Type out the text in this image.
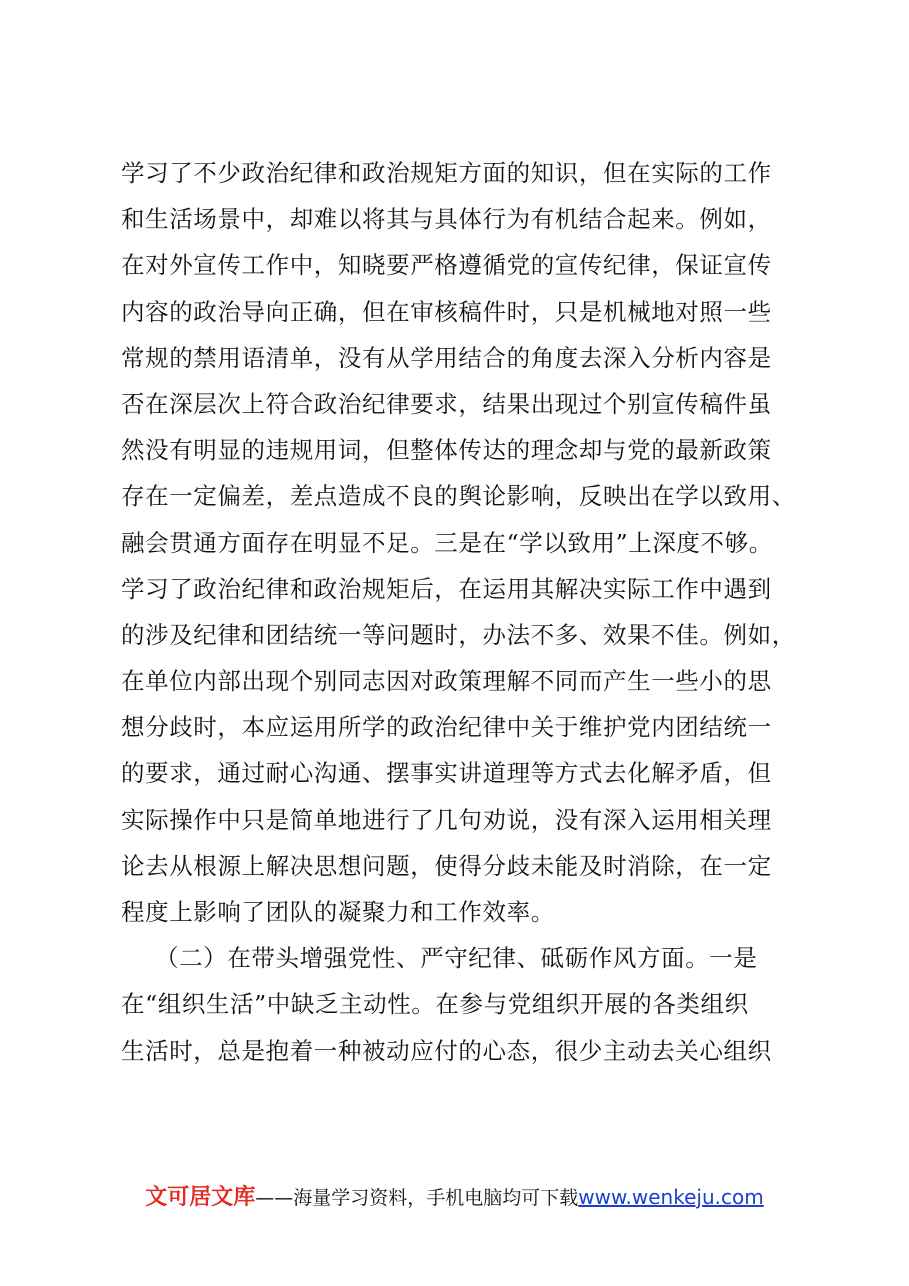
学习了不少政治纪律和政治规矩方面的知识，但在实际的工作
和生活场景中，却难以将其与具体行为有机结合起来。例如，
在对外宣传工作中，知晓要严格遵循党的宣传纪律，保证宣传
内容的政治导向正确，但在审核稿件时，只是机械地对照一些
常规的禁用语清单，没有从学用结合的角度去深入分析内容是
否在深层次上符合政治纪律要求，结果出现过个别宣传稿件虽
然没有明显的违规用词，但整体传达的理念却与党的最新政策
存在一定偏差，差点造成不良的舆论影响，反映出在学以致用、
融会贯通方面存在明显不足。三是在“学以致用”上深度不够。
学习了政治纪律和政治规矩后，在运用其解决实际工作中遇到
的涉及纪律和团结统一等问题时，办法不多、效果不佳。例如，
在单位内部出现个别同志因对政策理解不同而产生一些小的思
想分歧时，本应运用所学的政治纪律中关于维护党内团结统一
的要求，通过耐心沟通、摆事实讲道理等方式去化解矛盾，但
实际操作中只是简单地进行了几句劝说，没有深入运用相关理
论去从根源上解决思想问题，使得分歧未能及时消除，在一定
程度上影响了团队的凝聚力和工作效率。
（二）在带头增强党性、严守纪律、砥砺作风方面。一是
在“组织生活”中缺乏主动性。在参与党组织开展的各类组织
生活时，总是抱着一种被动应付的心态，很少主动去关心组织
文可居文库——海量学习资料，手机电脑均可下载www.wenkeju.com
